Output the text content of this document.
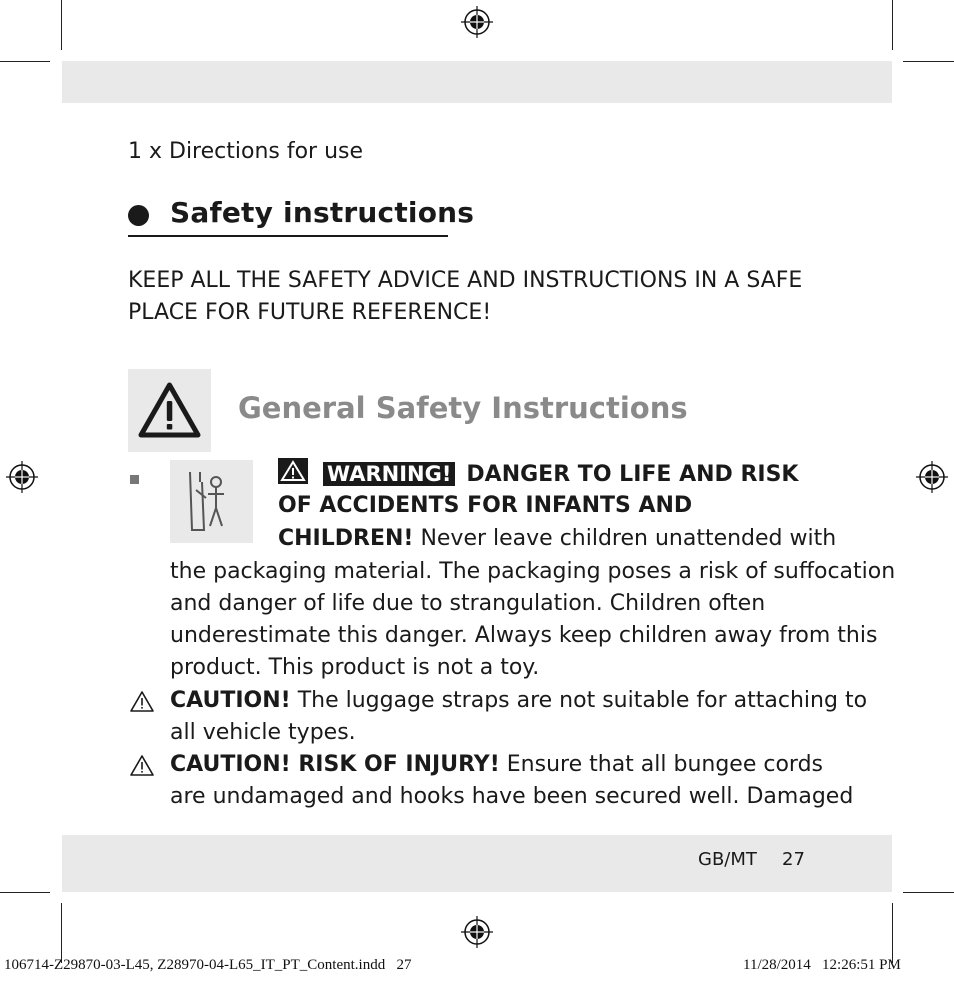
1 x Directions for use
Safety instructions
KEEP ALL THE SAFETY ADVICE AND INSTRUCTIONS IN A SAFE
PLACE FOR FUTURE REFERENCE!
General Safety Instructions
WARNING! DANGER TO LIFE AND RISK
OF ACCIDENTS FOR INFANTS AND
CHILDREN! Never leave children unattended with
the packaging material. The packaging poses a risk of suffocation
and danger of life due to strangulation. Children often
underestimate this danger. Always keep children away from this
product. This product is not a toy.
CAUTION! The luggage straps are not suitable for attaching to
all vehicle types.
CAUTION! RISK OF INJURY! Ensure that all bungee cords
are undamaged and hooks have been secured well. Damaged
GB/MT 27
106714-Z29870-03-L45, Z28970-04-L65_IT_PT_Content.indd   27	11/28/2014   12:26:51 PM
